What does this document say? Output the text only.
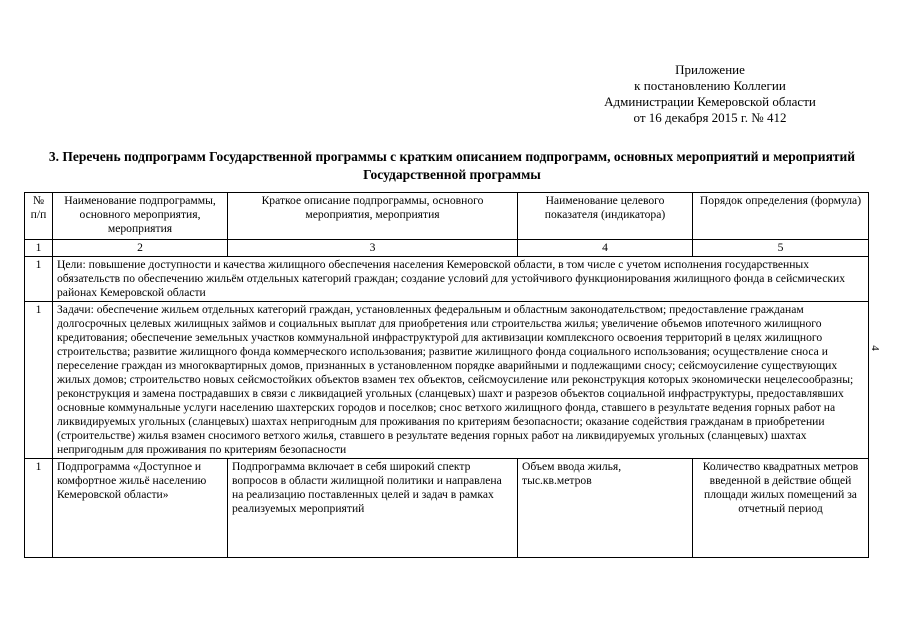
Приложение
к постановлению Коллегии
Администрации Кемеровской области
от 16 декабря 2015 г. № 412
3. Перечень подпрограмм Государственной программы с кратким описанием подпрограмм, основных мероприятий и мероприятий Государственной программы
4
№ п/п	Наименование подпрограммы, основного мероприятия, мероприятия	Краткое описание подпрограммы, основного мероприятия, мероприятия	Наименование целевого показателя (индикатора)	Порядок определения (формула)
1	2	3	4	5
1	Цели: повышение доступности и качества жилищного обеспечения населения Кемеровской области, в том числе с учетом исполнения государственных обязательств по обеспечению жильём отдельных категорий граждан; создание условий для устойчивого функционирования жилищного фонда в сейсмических районах Кемеровской области			
1	Задачи: обеспечение жильем отдельных категорий граждан, установленных федеральным и областным законодательством; предоставление гражданам долгосрочных целевых жилищных займов и социальных выплат для приобретения или строительства жилья; увеличение объемов ипотечного жилищного кредитования; обеспечение земельных участков коммунальной инфраструктурой для активизации комплексного освоения территорий в целях жилищного строительства; развитие жилищного фонда коммерческого использования; развитие жилищного фонда социального использования; осуществление сноса и переселение граждан из многоквартирных домов, признанных в установленном порядке аварийными и подлежащими сносу; сейсмоусиление существующих жилых домов; строительство новых сейсмостойких объектов взамен тех объектов, сейсмоусиление или реконструкция которых экономически нецелесообразны; реконструкция и замена пострадавших в связи с ликвидацией угольных (сланцевых) шахт и разрезов объектов социальной инфраструктуры, предоставлявших основные коммунальные услуги населению шахтерских городов и поселков; снос ветхого жилищного фонда, ставшего в результате ведения горных работ на ликвидируемых угольных (сланцевых) шахтах непригодным для проживания по критериям безопасности; оказание содействия гражданам в приобретении (строительстве) жилья взамен сносимого ветхого жилья, ставшего в результате ведения горных работ на ликвидируемых угольных (сланцевых) шахтах непригодным для проживания по критериям безопасности			
1	Подпрограмма «Доступное и комфортное жильё населению Кемеровской области»	Подпрограмма включает в себя широкий спектр вопросов в области жилищной политики и направлена на реализацию поставленных целей и задач в рамках реализуемых мероприятий	Объем ввода жилья, тыс.кв.метров	Количество квадратных метров введенной в действие общей площади жилых помещений за отчетный период
